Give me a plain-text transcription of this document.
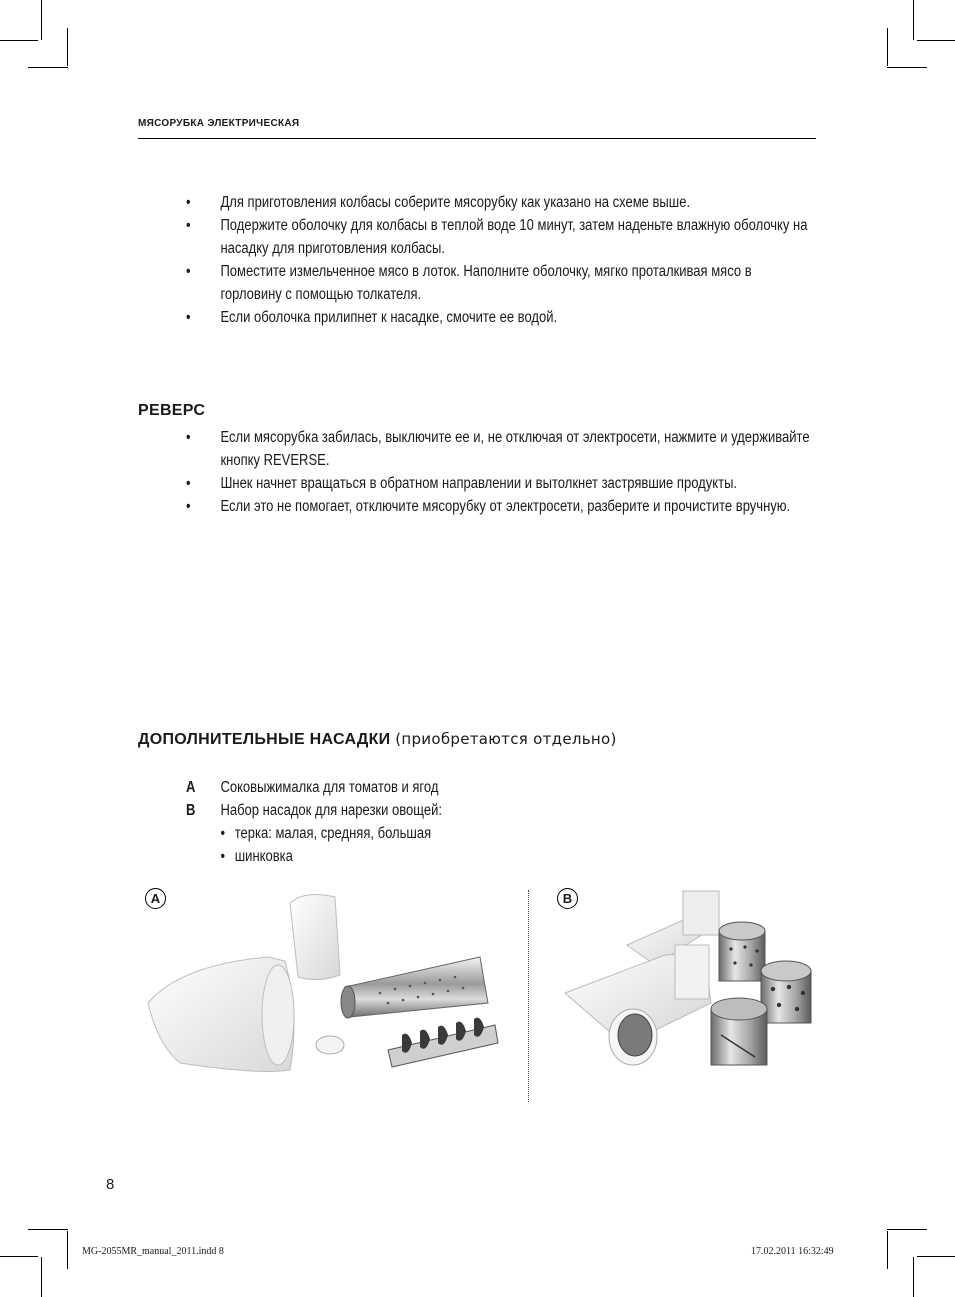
МЯСОРУБКА ЭЛЕКТРИЧЕСКАЯ
• Для приготовления колбасы соберите мясорубку как указано на схеме выше.
• Подержите оболочку для колбасы в теплой воде 10 минут, затем наденьте влажную оболочку на насадку для приготовления колбасы.
• Поместите измельченное мясо в лоток. Наполните оболочку, мягко проталкивая мясо в горловину с помощью толкателя.
• Если оболочка прилипнет к насадке, смочите ее водой.
РЕВЕРС
• Если мясорубка забилась, выключите ее и, не отключая от электросети, нажмите и удерживайте кнопку REVERSE.
• Шнек начнет вращаться в обратном направлении и вытолкнет застрявшие продукты.
• Если это не помогает, отключите мясорубку от электросети, разберите и прочистите вручную.
ДОПОЛНИТЕЛЬНЫЕ НАСАДКИ (приобретаются отдельно)
A Соковыжималка для томатов и ягод
B Набор насадок для нарезки овощей:
• терка: малая, средняя, большая
• шинковка
A	B
8
MG-2055MR_manual_2011.indd 8	17.02.2011 16:32:49
